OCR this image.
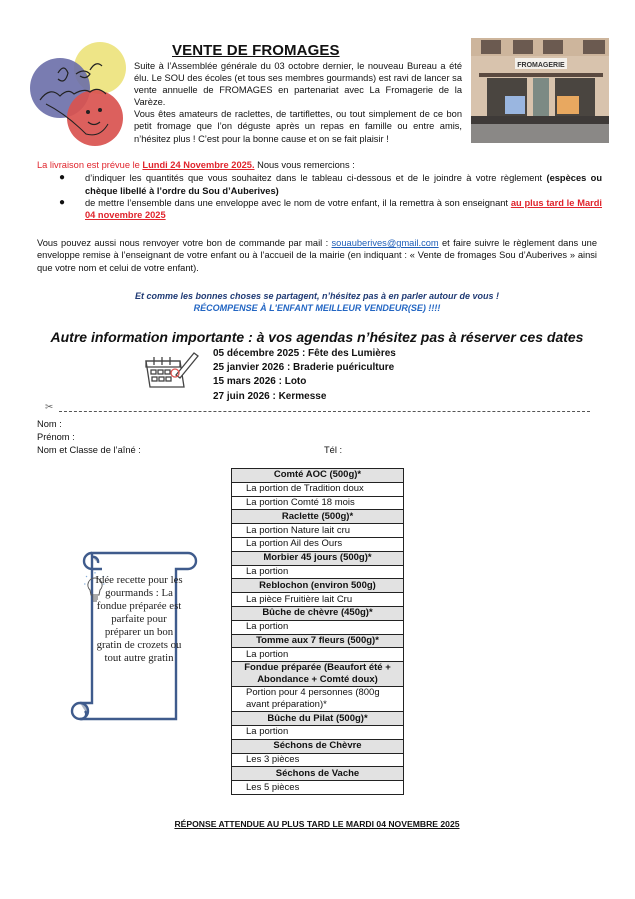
VENTE DE FROMAGES

Suite à l’Assemblée générale du 03 octobre dernier, le nouveau Bureau a été élu. Le SOU des écoles (et tous ses membres gourmands) est ravi de lancer sa vente annuelle de FROMAGES en partenariat avec La Fromagerie de la Varèze.

Vous êtes amateurs de raclettes, de tartiflettes, ou tout simplement de ce bon petit fromage que l’on déguste après un repas en famille ou entre amis, n’hésitez plus ! C’est pour la bonne cause et on se fait plaisir !

FROMAGERIE
La livraison est prévue le Lundi 24 Novembre 2025. Nous vous remercions :
● d’indiquer les quantités que vous souhaitez dans le tableau ci-dessous et de le joindre à votre règlement (espèces ou chèque libellé à l’ordre du Sou d’Auberives)
● de mettre l’ensemble dans une enveloppe avec le nom de votre enfant, il la remettra à son enseignant au plus tard le Mardi 04 novembre 2025
Vous pouvez aussi nous renvoyer votre bon de commande par mail : souauberives@gmail.com et faire suivre le règlement dans une enveloppe remise à l’enseignant de votre enfant ou à l’accueil de la mairie (en indiquant : « Vente de fromages Sou d’Auberives » ainsi que votre nom et celui de votre enfant).
Et comme les bonnes choses se partagent, n’hésitez pas à en parler autour de vous !
RÉCOMPENSE À L'ENFANT MEILLEUR VENDEUR(SE) !!!!
Autre information importante : à vos agendas n’hésitez pas à réserver ces dates
05 décembre 2025 : Fête des Lumières
25 janvier 2026 : Braderie puériculture
15 mars 2026 : Loto
27 juin 2026 : Kermesse
✂
Nom :
Prénom :
Nom et Classe de l’aîné :	Tél :
Comté AOC (500g)*
La portion de Tradition doux
La portion Comté 18 mois
Raclette (500g)*
La portion Nature lait cru
La portion Ail des Ours
Morbier 45 jours (500g)*
La portion
Reblochon (environ 500g)
La pièce Fruitière lait Cru
Bûche de chèvre (450g)*
La portion
Tomme aux 7 fleurs (500g)*
La portion
Fondue préparée (Beaufort été + Abondance + Comté doux)
Portion pour 4 personnes (800g avant préparation)*
Bûche du Pilat (500g)*
La portion
Séchons de Chèvre
Les 3 pièces
Séchons de Vache
Les 5 pièces
Idée recette pour les gourmands : La fondue préparée est parfaite pour préparer un bon gratin de crozets ou tout autre gratin
RÉPONSE ATTENDUE AU PLUS TARD LE MARDI 04 NOVEMBRE 2025
